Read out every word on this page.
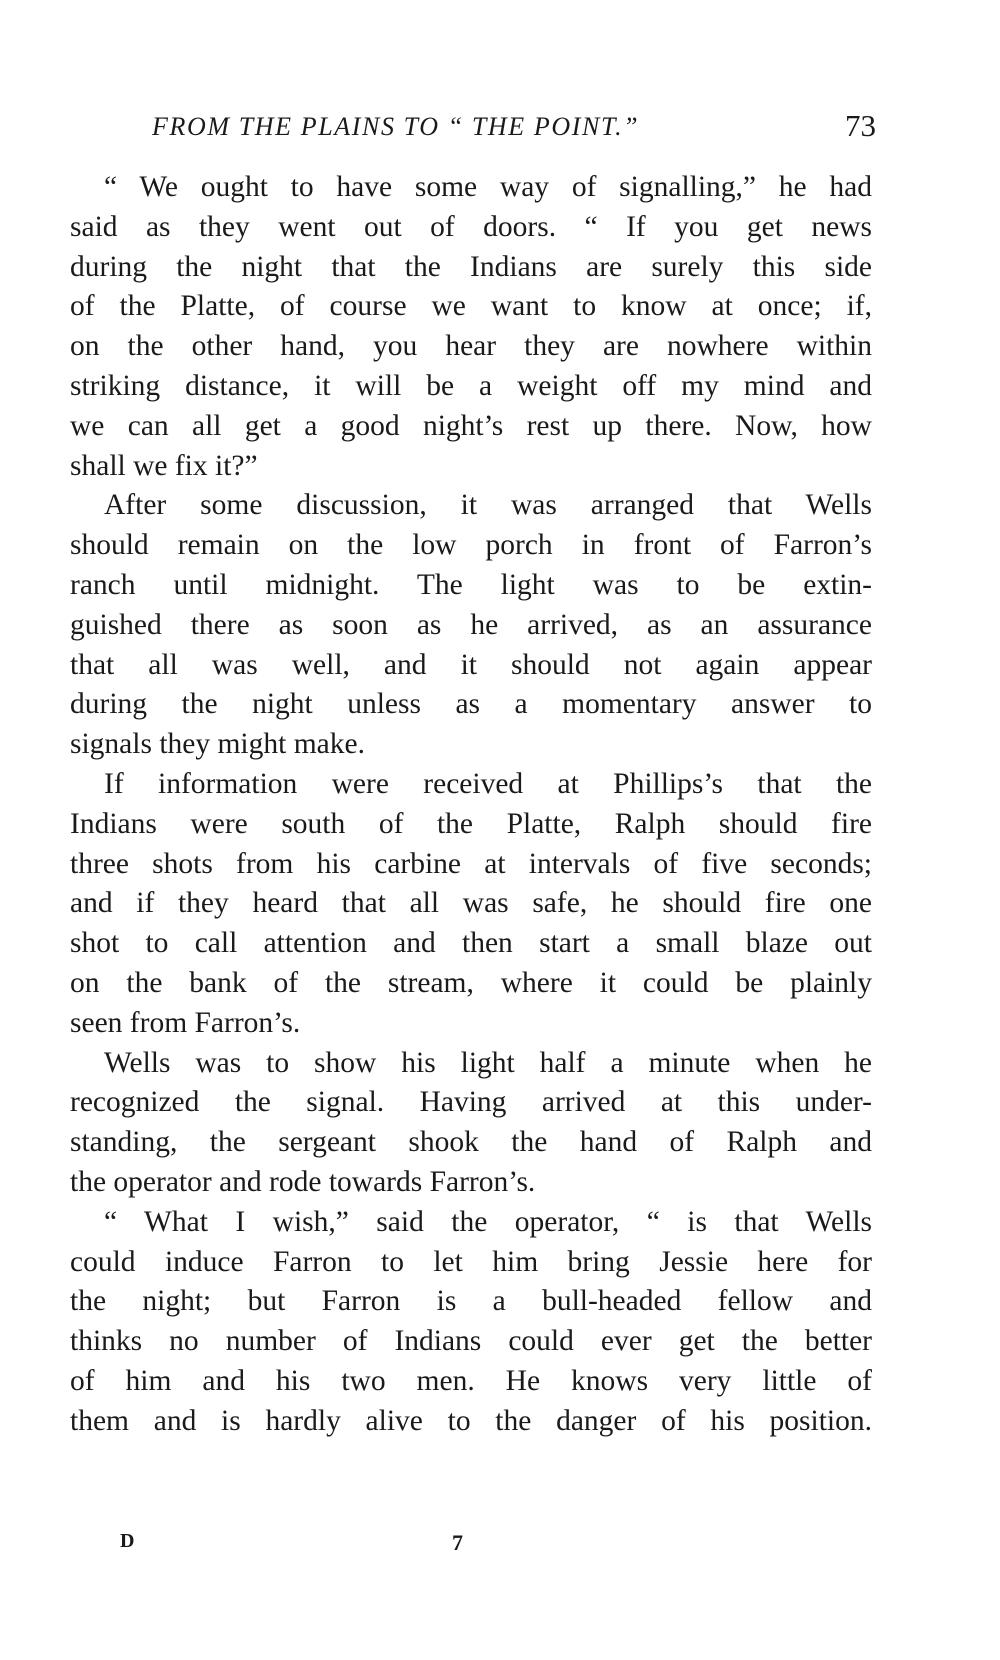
FROM THE PLAINS TO “ THE POINT.”	73
“ We ought to have some way of signalling,” he had
said as they went out of doors. “ If you get news
during the night that the Indians are surely this side
of the Platte, of course we want to know at once; if,
on the other hand, you hear they are nowhere within
striking distance, it will be a weight off my mind and
we can all get a good night’s rest up there. Now, how
shall we fix it?”
After some discussion, it was arranged that Wells
should remain on the low porch in front of Farron’s
ranch until midnight. The light was to be extin-
guished there as soon as he arrived, as an assurance
that all was well, and it should not again appear
during the night unless as a momentary answer to
signals they might make.
If information were received at Phillips’s that the
Indians were south of the Platte, Ralph should fire
three shots from his carbine at intervals of five seconds;
and if they heard that all was safe, he should fire one
shot to call attention and then start a small blaze out
on the bank of the stream, where it could be plainly
seen from Farron’s.
Wells was to show his light half a minute when he
recognized the signal. Having arrived at this under-
standing, the sergeant shook the hand of Ralph and
the operator and rode towards Farron’s.
“ What I wish,” said the operator, “ is that Wells
could induce Farron to let him bring Jessie here for
the night; but Farron is a bull-headed fellow and
thinks no number of Indians could ever get the better
of him and his two men. He knows very little of
them and is hardly alive to the danger of his position.
D	7
